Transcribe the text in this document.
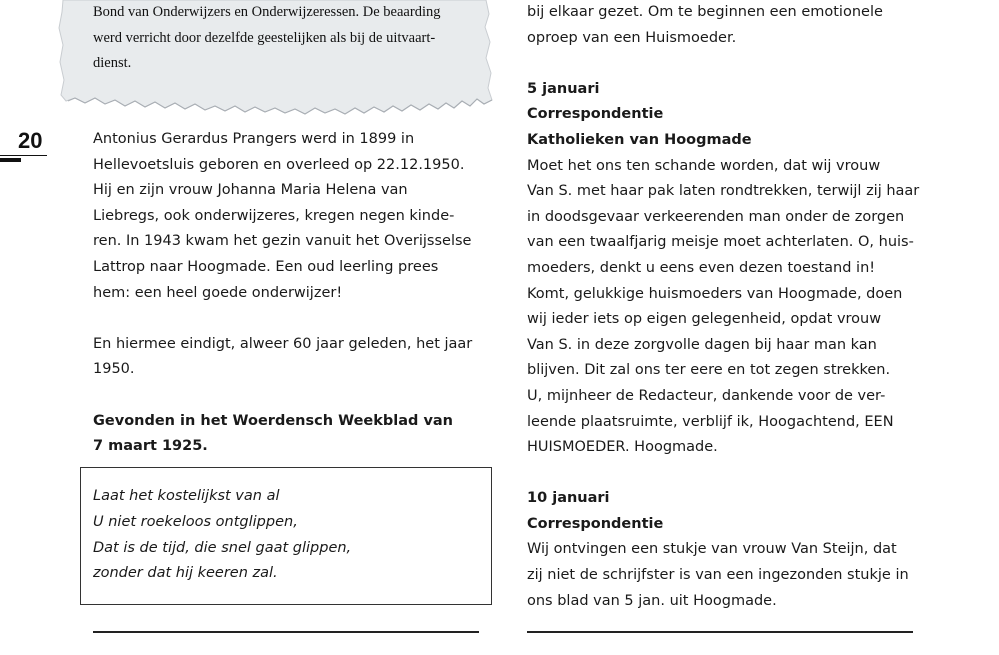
Bond van Onderwijzers en Onderwijzeressen. De beaarding

werd verricht door dezelfde geestelijken als bij de uitvaart-

dienst.

20	Antonius Gerardus Prangers werd in 1899 in

Hellevoetsluis geboren en overleed op 22.12.1950.

Hij en zijn vrouw Johanna Maria Helena van

Liebregs, ook onderwijzeres, kregen negen kinde-

ren. In 1943 kwam het gezin vanuit het Overijsselse

Lattrop naar Hoogmade. Een oud leerling prees

hem: een heel goede onderwijzer!

En hiermee eindigt, alweer 60 jaar geleden, het jaar

1950.

Gevonden in het Woerdensch Weekblad van

7 maart 1925.

Laat het kostelijkst van al

U niet roekeloos ontglippen,

Dat is de tijd, die snel gaat glippen,

zonder dat hij keeren zal.

bij elkaar gezet. Om te beginnen een emotionele

oproep van een Huismoeder.

5 januari

Correspondentie

Katholieken van Hoogmade

Moet het ons ten schande worden, dat wij vrouw

Van S. met haar pak laten rondtrekken, terwijl zij haar

in doodsgevaar verkeerenden man onder de zorgen

van een twaalfjarig meisje moet achterlaten. O, huis-

moeders, denkt u eens even dezen toestand in!

Komt, gelukkige huismoeders van Hoogmade, doen

wij ieder iets op eigen gelegenheid, opdat vrouw

Van S. in deze zorgvolle dagen bij haar man kan

blijven. Dit zal ons ter eere en tot zegen strekken.

U, mijnheer de Redacteur, dankende voor de ver-

leende plaatsruimte, verblijf ik, Hoogachtend, EEN

HUISMOEDER. Hoogmade.

10 januari

Correspondentie

Wij ontvingen een stukje van vrouw Van Steijn, dat

zij niet de schrijfster is van een ingezonden stukje in

ons blad van 5 jan. uit Hoogmade.
